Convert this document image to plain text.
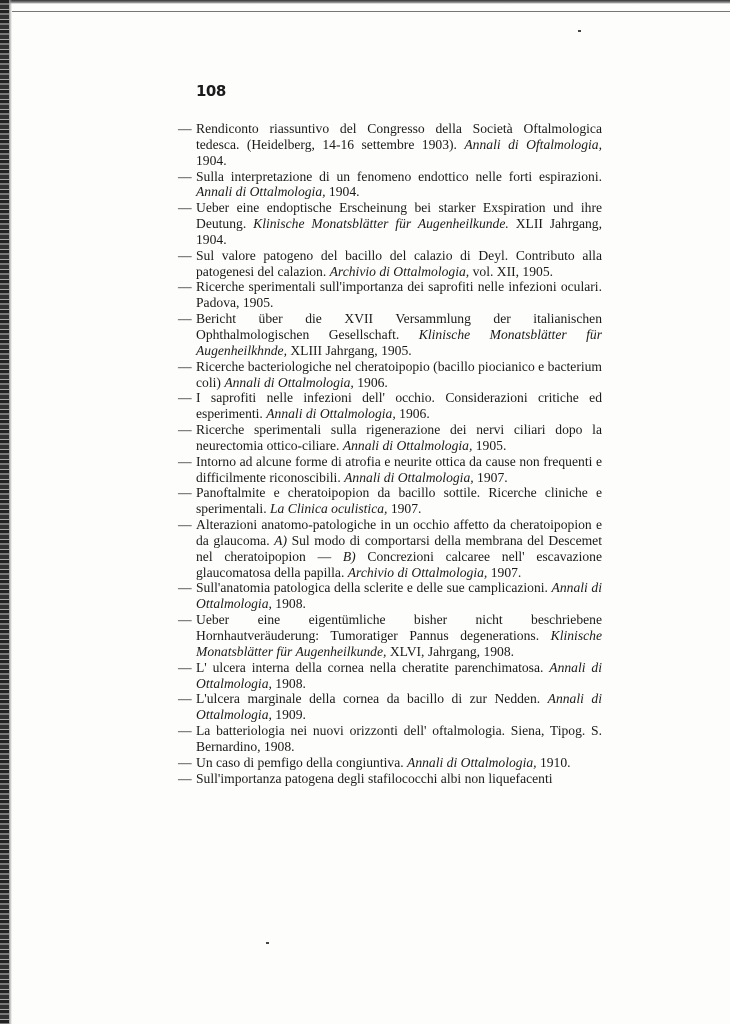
108
— Rendiconto riassuntivo del Congresso della Società Oftalmologica tedesca. (Heidelberg, 14-16 settembre 1903). Annali di Oftalmologia, 1904.
— Sulla interpretazione di un fenomeno endottico nelle forti espirazioni. Annali di Ottalmologia, 1904.
— Ueber eine endoptische Erscheinung bei starker Exspiration und ihre Deutung. Klinische Monatsblätter für Augenheilkunde. XLII Jahrgang, 1904.
— Sul valore patogeno del bacillo del calazio di Deyl. Contributo alla patogenesi del calazion. Archivio di Ottalmologia, vol. XII, 1905.
— Ricerche sperimentali sull'importanza dei saprofiti nelle infezioni oculari. Padova, 1905.
— Bericht über die XVII Versammlung der italianischen Ophthalmologischen Gesellschaft. Klinische Monatsblätter für Augenheilkhnde, XLIII Jahrgang, 1905.
— Ricerche bacteriologiche nel cheratoipopio (bacillo piocianico e bacterium coli) Annali di Ottalmologia, 1906.
— I saprofiti nelle infezioni dell' occhio. Considerazioni critiche ed esperimenti. Annali di Ottalmologia, 1906.
— Ricerche sperimentali sulla rigenerazione dei nervi ciliari dopo la neurectomia ottico-ciliare. Annali di Ottalmologia, 1905.
— Intorno ad alcune forme di atrofia e neurite ottica da cause non frequenti e difficilmente riconoscibili. Annali di Ottalmologia, 1907.
— Panoftalmite e cheratoipopion da bacillo sottile. Ricerche cliniche e sperimentali. La Clinica oculistica, 1907.
— Alterazioni anatomo-patologiche in un occhio affetto da cheratoipopion e da glaucoma. A) Sul modo di comportarsi della membrana del Descemet nel cheratoipopion — B) Concrezioni calcaree nell' escavazione glaucomatosa della papilla. Archivio di Ottalmologia, 1907.
— Sull'anatomia patologica della sclerite e delle sue camplicazioni. Annali di Ottalmologia, 1908.
— Ueber eine eigentümliche bisher nicht beschriebene Hornhautveräuderung: Tumoratiger Pannus degenerations. Klinische Monatsblätter für Augenheilkunde, XLVI, Jahrgang, 1908.
— L' ulcera interna della cornea nella cheratite parenchimatosa. Annali di Ottalmologia, 1908.
— L'ulcera marginale della cornea da bacillo di zur Nedden. Annali di Ottalmologia, 1909.
— La batteriologia nei nuovi orizzonti dell' oftalmologia. Siena, Tipog. S. Bernardino, 1908.
— Un caso di pemfigo della congiuntiva. Annali di Ottalmologia, 1910.
— Sull'importanza patogena degli stafilococchi albi non liquefacenti
